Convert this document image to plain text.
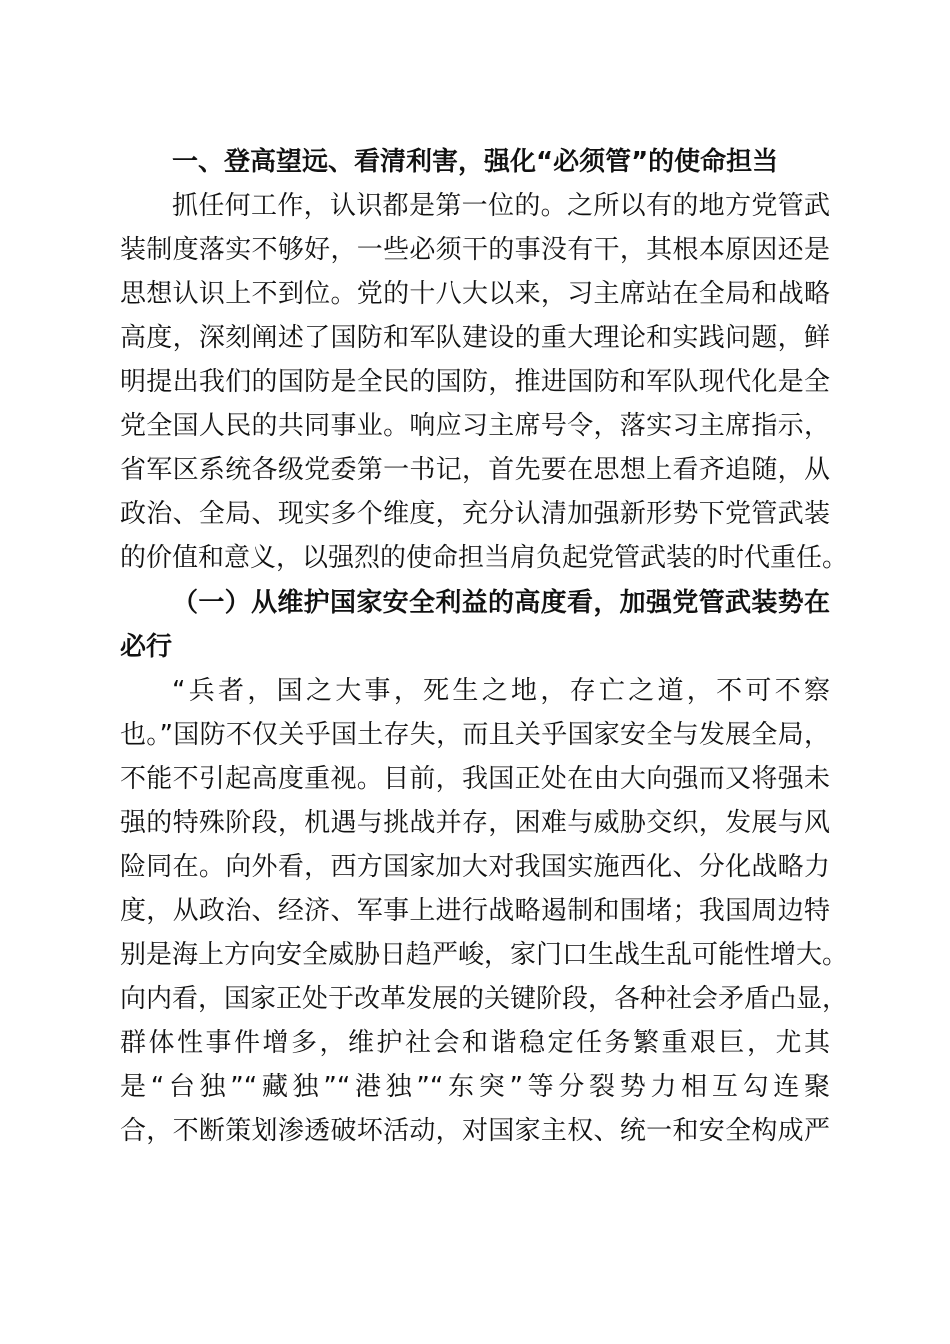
一、登高望远、看清利害，强化“必须管”的使命担当
抓任何工作，认识都是第一位的。之所以有的地方党管武
装制度落实不够好，一些必须干的事没有干，其根本原因还是
思想认识上不到位。党的十八大以来，习主席站在全局和战略
高度，深刻阐述了国防和军队建设的重大理论和实践问题，鲜
明提出我们的国防是全民的国防，推进国防和军队现代化是全
党全国人民的共同事业。响应习主席号令，落实习主席指示，
省军区系统各级党委第一书记，首先要在思想上看齐追随，从
政治、全局、现实多个维度，充分认清加强新形势下党管武装
的价值和意义，以强烈的使命担当肩负起党管武装的时代重任。
（一）从维护国家安全利益的高度看，加强党管武装势在
必行
“兵者，国之大事，死生之地，存亡之道，不可不察
也。”国防不仅关乎国土存失，而且关乎国家安全与发展全局，
不能不引起高度重视。目前，我国正处在由大向强而又将强未
强的特殊阶段，机遇与挑战并存，困难与威胁交织，发展与风
险同在。向外看，西方国家加大对我国实施西化、分化战略力
度，从政治、经济、军事上进行战略遏制和围堵；我国周边特
别是海上方向安全威胁日趋严峻，家门口生战生乱可能性增大。
向内看，国家正处于改革发展的关键阶段，各种社会矛盾凸显，
群体性事件增多，维护社会和谐稳定任务繁重艰巨，尤其
是“台独”“藏独”“港独”“东突”等分裂势力相互勾连聚
合，不断策划渗透破坏活动，对国家主权、统一和安全构成严
